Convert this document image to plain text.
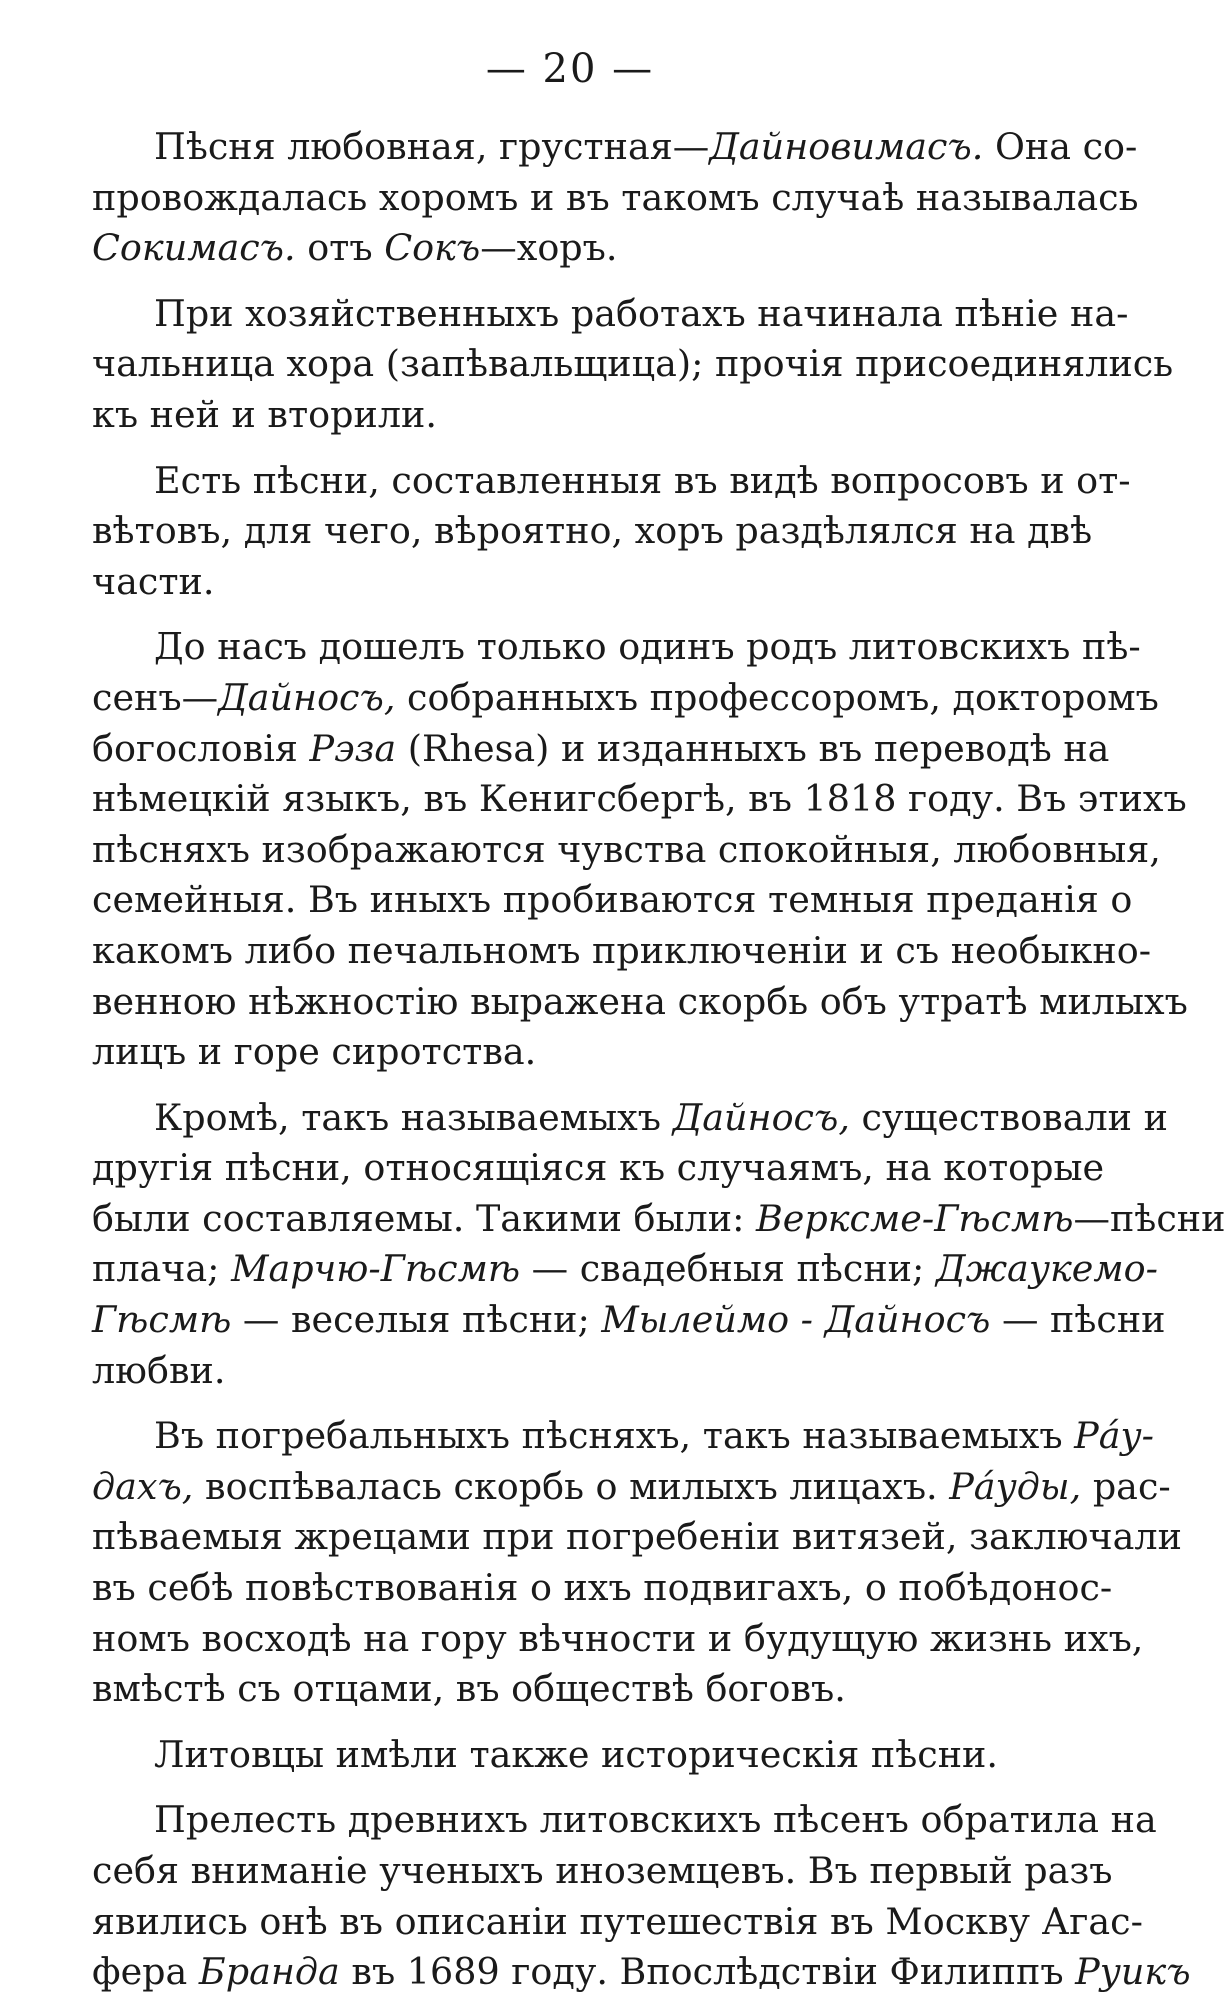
— 20 —
Пѣсня любовная, грустная—Дайновимасъ. Она со-
провождалась хоромъ и въ такомъ случаѣ называлась
Сокимасъ. отъ Сокъ—хоръ.
При хозяйственныхъ работахъ начинала пѣніе на-
чальница хора (запѣвальщица); прочія присоединялись
къ ней и вторили.
Есть пѣсни, составленныя въ видѣ вопросовъ и от-
вѣтовъ, для чего, вѣроятно, хоръ раздѣлялся на двѣ
части.
До насъ дошелъ только одинъ родъ литовскихъ пѣ-
сенъ—Дайносъ, собранныхъ профессоромъ, докторомъ
богословія Рэза (Rhesa) и изданныхъ въ переводѣ на
нѣмецкій языкъ, въ Кенигсбергѣ, въ 1818 году. Въ этихъ
пѣсняхъ изображаются чувства спокойныя, любовныя,
семейныя. Въ иныхъ пробиваются темныя преданія о
какомъ либо печальномъ приключеніи и съ необыкно-
венною нѣжностію выражена скорбь объ утратѣ милыхъ
лицъ и горе сиротства.
Кромѣ, такъ называемыхъ Дайносъ, существовали и
другія пѣсни, относящіяся къ случаямъ, на которые
были составляемы. Такими были: Верксме-Гѣсмѣ—пѣсни
плача; Марчю-Гѣсмѣ — свадебныя пѣсни; Джаукемо-
Гѣсмѣ — веселыя пѣсни; Мылеймо - Дайносъ — пѣсни
любви.
Въ погребальныхъ пѣсняхъ, такъ называемыхъ Рáу-
дахъ, воспѣвалась скорбь о милыхъ лицахъ. Рáуды, рас-
пѣваемыя жрецами при погребеніи витязей, заключали
въ себѣ повѣствованія о ихъ подвигахъ, о побѣдонос-
номъ восходѣ на гору вѣчности и будущую жизнь ихъ,
вмѣстѣ съ отцами, въ обществѣ боговъ.
Литовцы имѣли также историческія пѣсни.
Прелесть древнихъ литовскихъ пѣсенъ обратила на
себя вниманіе ученыхъ иноземцевъ. Въ первый разъ
явились онѣ въ описаніи путешествія въ Москву Агас-
фера Бранда въ 1689 году. Впослѣдствіи Филиппъ Руикъ
